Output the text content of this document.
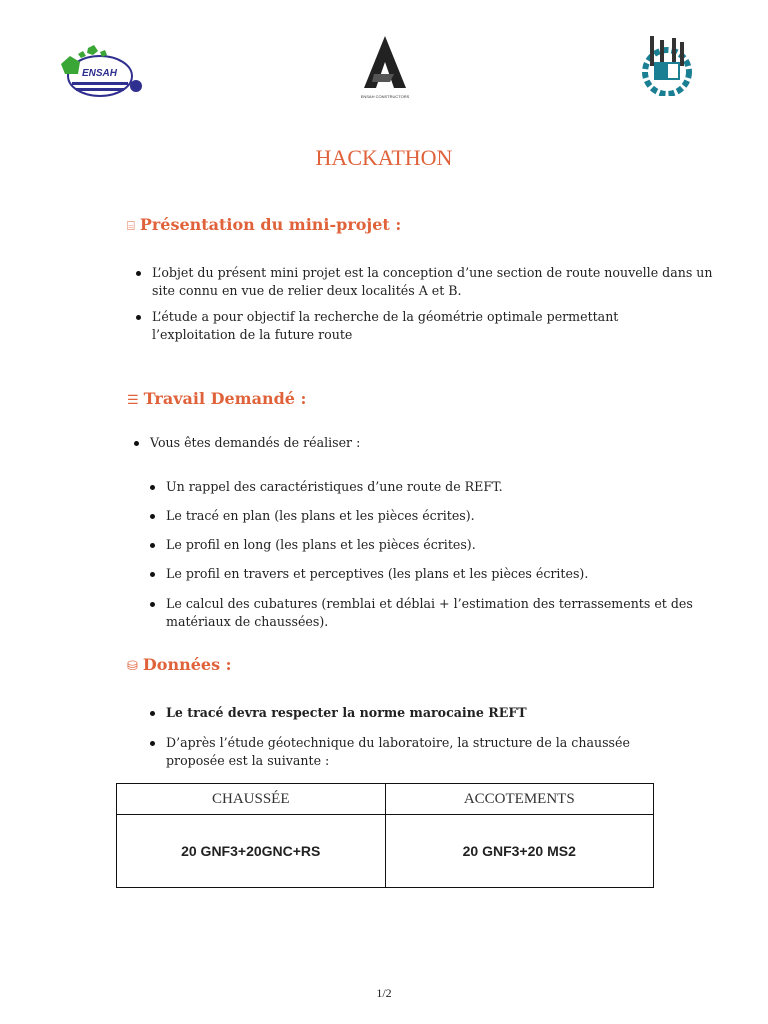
ENSAH
ENSAH CONSTRUCTORS
HACKATHON
⌸ Présentation du mini-projet :
L’objet du présent mini projet est la conception d’une section de route nouvelle dans un site connu en vue de relier deux localités A et B.
L’étude a pour objectif la recherche de la géométrie optimale permettant l’exploitation de la future route
☰ Travail Demandé :
Vous êtes demandés de réaliser :
Un rappel des caractéristiques d’une route de REFT.
Le tracé en plan (les plans et les pièces écrites).
Le profil en long (les plans et les pièces écrites).
Le profil en travers et perceptives (les plans et les pièces écrites).
Le calcul des cubatures (remblai et déblai + l’estimation des terrassements et des matériaux de chaussées).
⛁ Données :
Le tracé devra respecter la norme marocaine REFT
D’après l’étude géotechnique du laboratoire, la structure de la chaussée proposée est la suivante :
CHAUSSÉE	ACCOTEMENTS
20 GNF3+20GNC+RS	20 GNF3+20 MS2
1/2
